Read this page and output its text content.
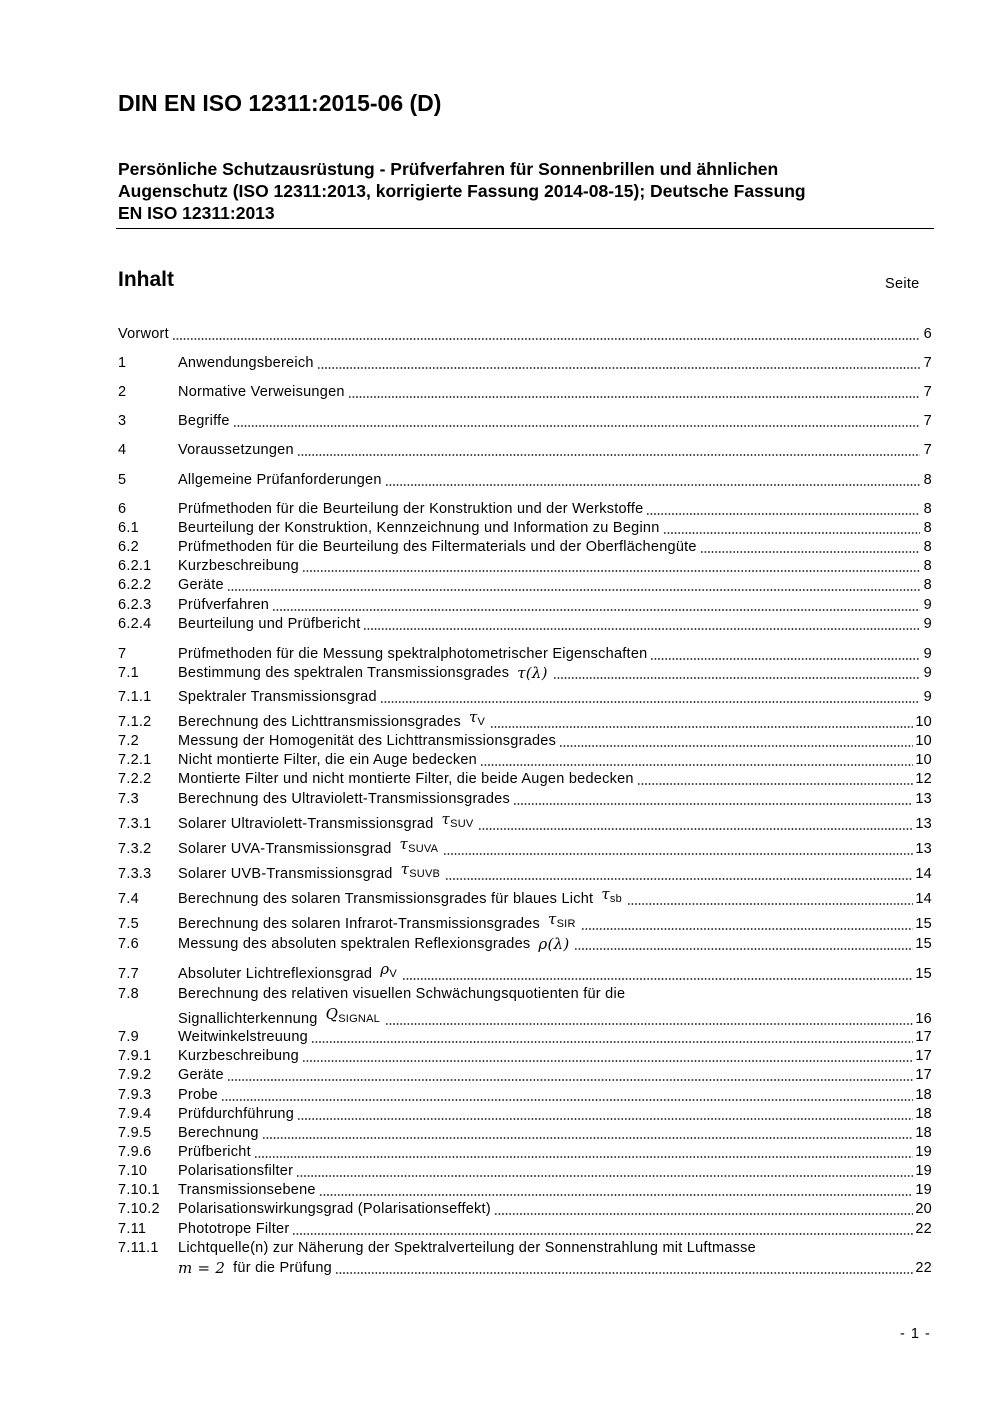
DIN EN ISO 12311:2015-06 (D)
Persönliche Schutzausrüstung - Prüfverfahren für Sonnenbrillen und ähnlichen
Augenschutz (ISO 12311:2013, korrigierte Fassung 2014-08-15); Deutsche Fassung
EN ISO 12311:2013
Inhalt	Seite
Vorwort	6
1	Anwendungsbereich	7
2	Normative Verweisungen	7
3	Begriffe	7
4	Voraussetzungen	7
5	Allgemeine Prüfanforderungen	8
6	Prüfmethoden für die Beurteilung der Konstruktion und der Werkstoffe	8
6.1	Beurteilung der Konstruktion, Kennzeichnung und Information zu Beginn	8
6.2	Prüfmethoden für die Beurteilung des Filtermaterials und der Oberflächengüte	8
6.2.1	Kurzbeschreibung	8
6.2.2	Geräte	8
6.2.3	Prüfverfahren	9
6.2.4	Beurteilung und Prüfbericht	9
7	Prüfmethoden für die Messung spektralphotometrischer Eigenschaften	9
7.1	Bestimmung des spektralen Transmissionsgrades τ(λ)	9
7.1.1	Spektraler Transmissionsgrad	9
7.1.2	Berechnung des Lichttransmissionsgrades $\tau_V$	10
7.2	Messung der Homogenität des Lichttransmissionsgrades	10
7.2.1	Nicht montierte Filter, die ein Auge bedecken	10
7.2.2	Montierte Filter und nicht montierte Filter, die beide Augen bedecken	12
7.3	Berechnung des Ultraviolett-Transmissionsgrades	13
7.3.1	Solarer Ultraviolett-Transmissionsgrad $\tau_{SUV}$	13
7.3.2	Solarer UVA-Transmissionsgrad $\tau_{SUVA}$	13
7.3.3	Solarer UVB-Transmissionsgrad $\tau_{SUVB}$	14
7.4	Berechnung des solaren Transmissionsgrades für blaues Licht $\tau_{sb}$	14
7.5	Berechnung des solaren Infrarot-Transmissionsgrades $\tau_{SIR}$	15
7.6	Messung des absoluten spektralen Reflexionsgrades ρ(λ)	15
7.7	Absoluter Lichtreflexionsgrad $\rho_V$	15
7.8	Berechnung des relativen visuellen Schwächungsquotienten für die
Signallichterkennung $Q_{SIGNAL}$	16
7.9	Weitwinkelstreuung	17
7.9.1	Kurzbeschreibung	17
7.9.2	Geräte	17
7.9.3	Probe	18
7.9.4	Prüfdurchführung	18
7.9.5	Berechnung	18
7.9.6	Prüfbericht	19
7.10	Polarisationsfilter	19
7.10.1	Transmissionsebene	19
7.10.2	Polarisationswirkungsgrad (Polarisationseffekt)	20
7.11	Phototrope Filter	22
7.11.1	Lichtquelle(n) zur Näherung der Spektralverteilung der Sonnenstrahlung mit Luftmasse
m = 2 für die Prüfung	22
- 1 -
